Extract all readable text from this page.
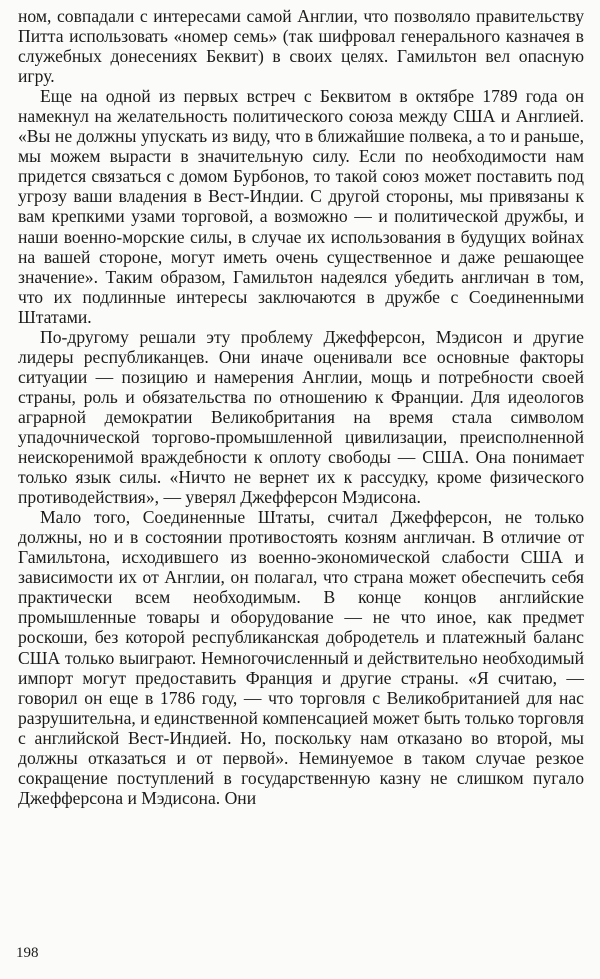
ном, совпадали с интересами самой Англии, что позволяло правительству Питта использовать «номер семь» (так шифровал генерального казначея в служебных донесениях Беквит) в своих целях. Гамильтон вел опасную игру.

Еще на одной из первых встреч с Беквитом в октябре 1789 года он намекнул на желательность политического союза между США и Англией. «Вы не должны упускать из виду, что в ближайшие полвека, а то и раньше, мы можем вырасти в значительную силу. Если по необходимости нам придется связаться с домом Бурбонов, то такой союз может поставить под угрозу ваши владения в Вест-Индии. С другой стороны, мы привязаны к вам крепкими узами торговой, а возможно — и политической дружбы, и наши военно-морские силы, в случае их использования в будущих войнах на вашей стороне, могут иметь очень существенное и даже решающее значение». Таким образом, Гамильтон надеялся убедить англичан в том, что их подлинные интересы заключаются в дружбе с Соединенными Штатами.

По-другому решали эту проблему Джефферсон, Мэдисон и другие лидеры республиканцев. Они иначе оценивали все основные факторы ситуации — позицию и намерения Англии, мощь и потребности своей страны, роль и обязательства по отношению к Франции. Для идеологов аграрной демократии Великобритания на время стала символом упадочнической торгово-промышленной цивилизации, преисполненной неискоренимой враждебности к оплоту свободы — США. Она понимает только язык силы. «Ничто не вернет их к рассудку, кроме физического противодействия», — уверял Джефферсон Мэдисона.

Мало того, Соединенные Штаты, считал Джефферсон, не только должны, но и в состоянии противостоять козням англичан. В отличие от Гамильтона, исходившего из военно-экономической слабости США и зависимости их от Англии, он полагал, что страна может обеспечить себя практически всем необходимым. В конце концов английские промышленные товары и оборудование — не что иное, как предмет роскоши, без которой республиканская добродетель и платежный баланс США только выиграют. Немногочисленный и действительно необходимый импорт могут предоставить Франция и другие страны. «Я считаю, — говорил он еще в 1786 году, — что торговля с Великобританией для нас разрушительна, и единственной компенсацией может быть только торговля с английской Вест-Индией. Но, поскольку нам отказано во второй, мы должны отказаться и от первой». Неминуемое в таком случае резкое сокращение поступлений в государственную казну не слишком пугало Джефферсона и Мэдисона. Они

198
